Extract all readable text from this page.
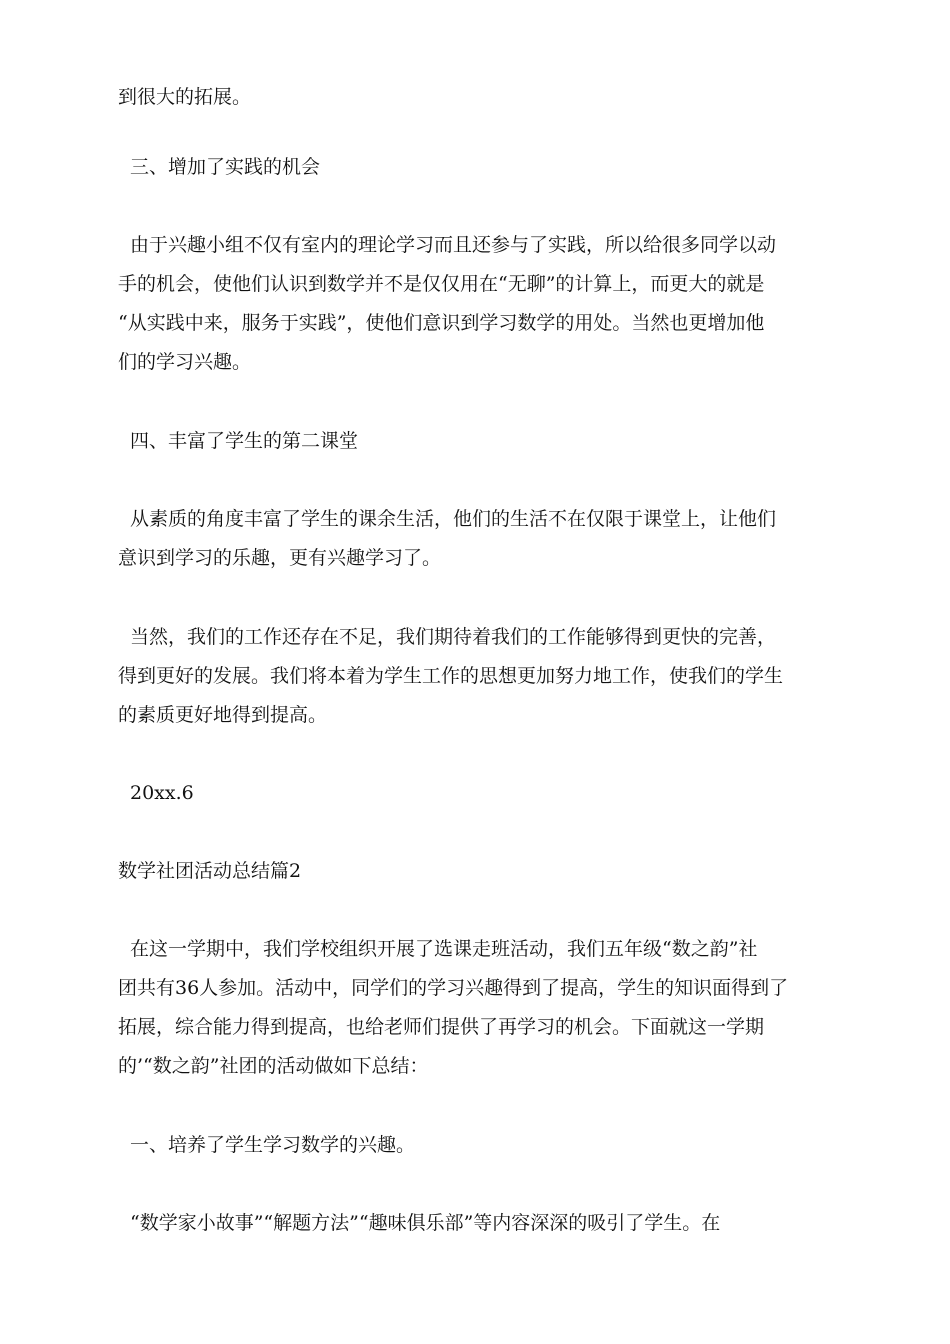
到很大的拓展。
三、增加了实践的机会
由于兴趣小组不仅有室内的理论学习而且还参与了实践，所以给很多同学以动
手的机会，使他们认识到数学并不是仅仅用在“无聊”的计算上，而更大的就是
“从实践中来，服务于实践”，使他们意识到学习数学的用处。当然也更增加他
们的学习兴趣。
四、丰富了学生的第二课堂
从素质的角度丰富了学生的课余生活，他们的生活不在仅限于课堂上，让他们
意识到学习的乐趣，更有兴趣学习了。
当然，我们的工作还存在不足，我们期待着我们的工作能够得到更快的完善，
得到更好的发展。我们将本着为学生工作的思想更加努力地工作，使我们的学生
的素质更好地得到提高。
20xx.6
数学社团活动总结篇2
在这一学期中，我们学校组织开展了选课走班活动，我们五年级“数之韵”社
团共有36人参加。活动中，同学们的学习兴趣得到了提高，学生的知识面得到了
拓展，综合能力得到提高，也给老师们提供了再学习的机会。下面就这一学期
的’“数之韵”社团的活动做如下总结：
一、培养了学生学习数学的兴趣。
“数学家小故事”“解题方法”“趣味俱乐部”等内容深深的吸引了学生。在
